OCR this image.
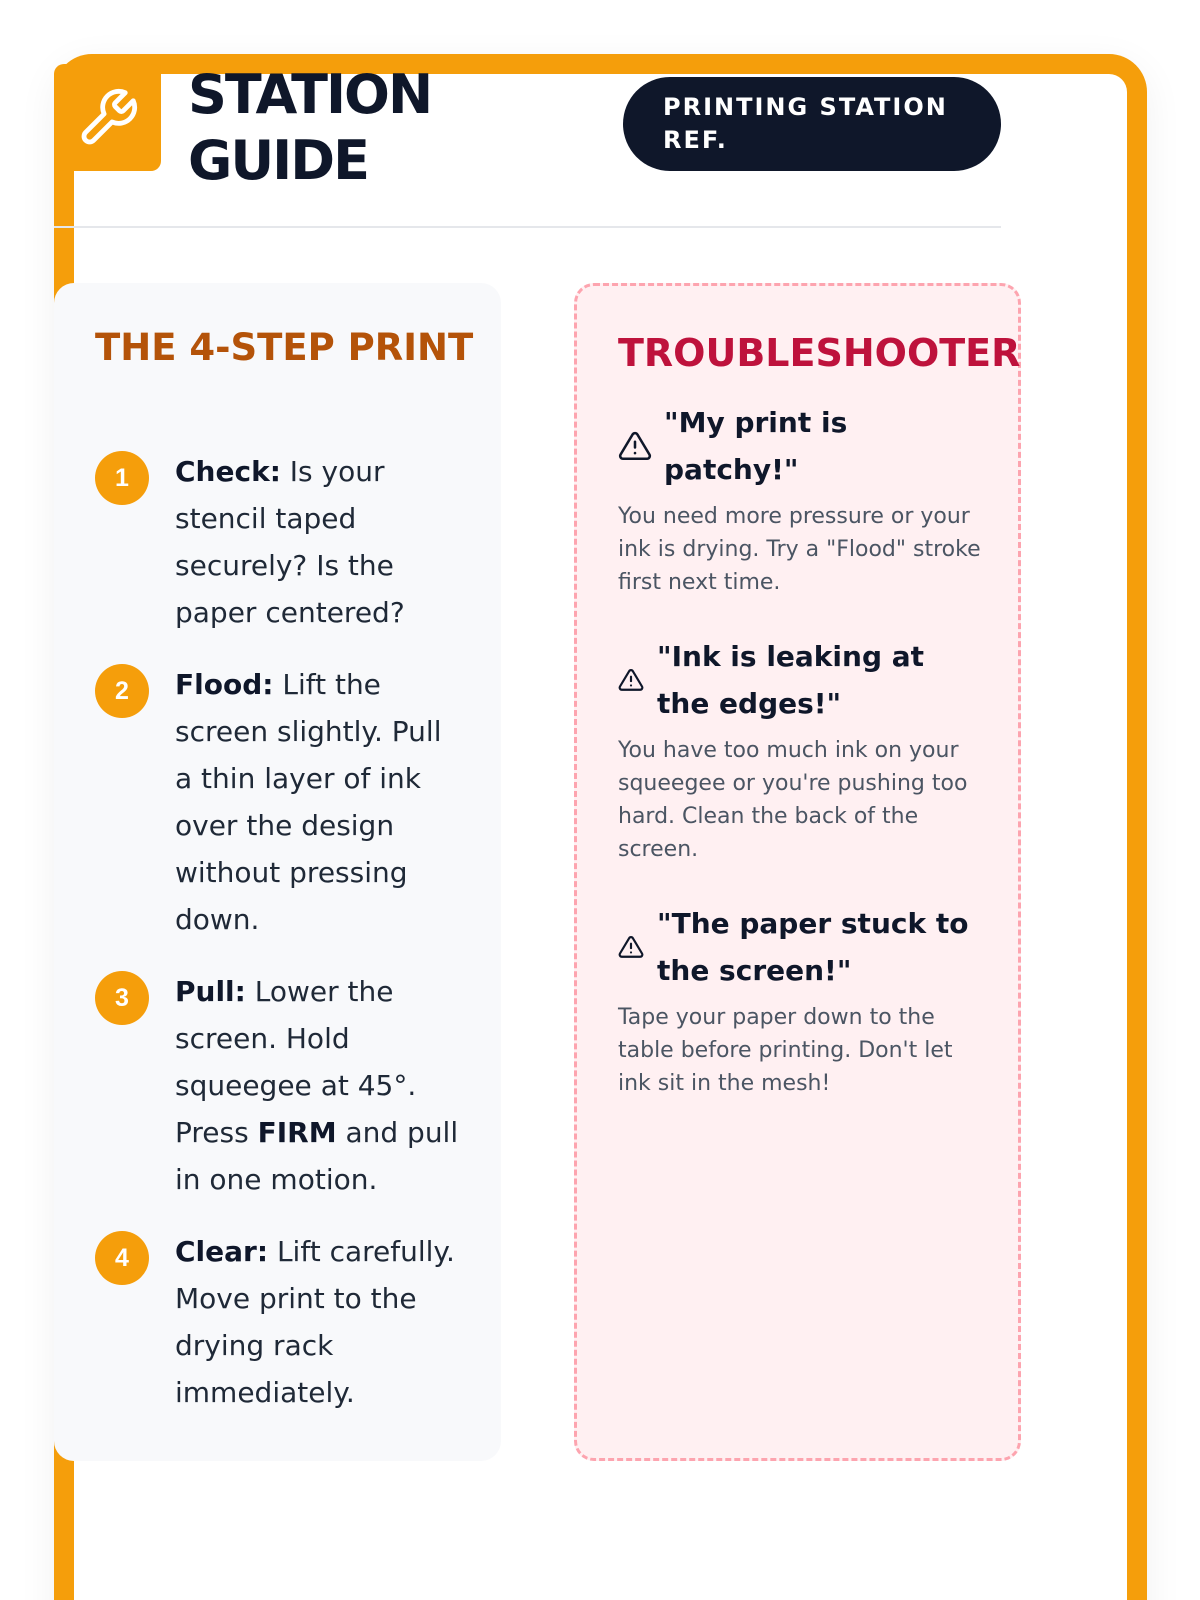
STATION
GUIDE
PRINTING STATION REF.
THE 4-STEP PRINT
1	Check: Is your stencil taped securely? Is the paper centered?
2	Flood: Lift the screen slightly. Pull a thin layer of ink over the design without pressing down.
3	Pull: Lower the screen. Hold squeegee at 45°. Press FIRM and pull in one motion.
4	Clear: Lift carefully. Move print to the drying rack immediately.
TROUBLESHOOTER
"My print is patchy!"

You need more pressure or your ink is drying. Try a "Flood" stroke first next time.

"Ink is leaking at the edges!"

You have too much ink on your squeegee or you're pushing too hard. Clean the back of the screen.

"The paper stuck to the screen!"

Tape your paper down to the table before printing. Don't let ink sit in the mesh!
